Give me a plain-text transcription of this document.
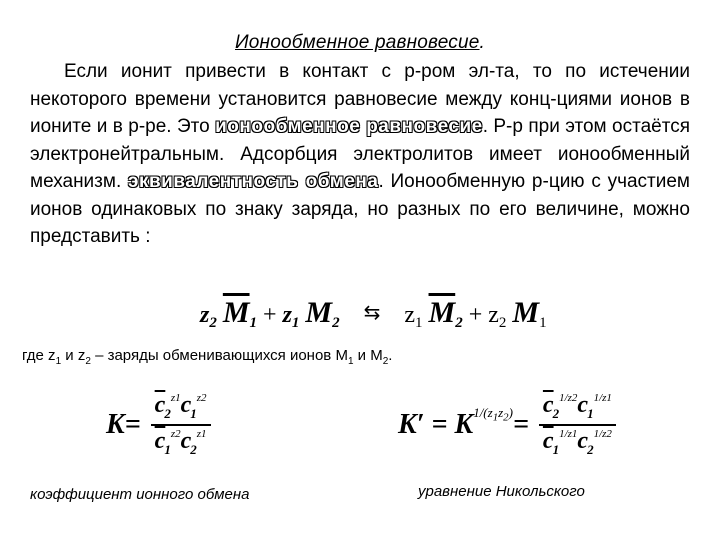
Ионообменное равновесие.
Если ионит привести в контакт с р-ром эл-та, то по истечении некоторого времени установится равновесие между конц-циями ионов в ионите и в р-ре. Это ионообменное равновесие. Р-р при этом остаётся электронейтральным. Адсорбция электролитов имеет ионообменный механизм. эквивалентность обмена. Ионообменную р-цию с участием ионов одинаковых по знаку заряда, но разных по его величине, можно представить :
$z_2$ $\overline{M}_1 + z_1$ $M_2$ ⇆ $z_1$ $\overline{M}_2 + z_2$ $M_1$
где $z_1$ и $z_2$ – заряды обменивающихся ионов $М_1$ и $М_2$.
$K= \frac{\overline{c}_2^{z1}c_1^{z2}}{\overline{c}_1^{z2}c_2^{z1}}$	$K' = K^{1/(z_1z_2)}= \frac{\overline{c}_2^{1/z2}c_1^{1/z1}}{\overline{c}_1^{1/z1}c_2^{1/z2}}$
коэффициент ионного обмена	уравнение Никольского
